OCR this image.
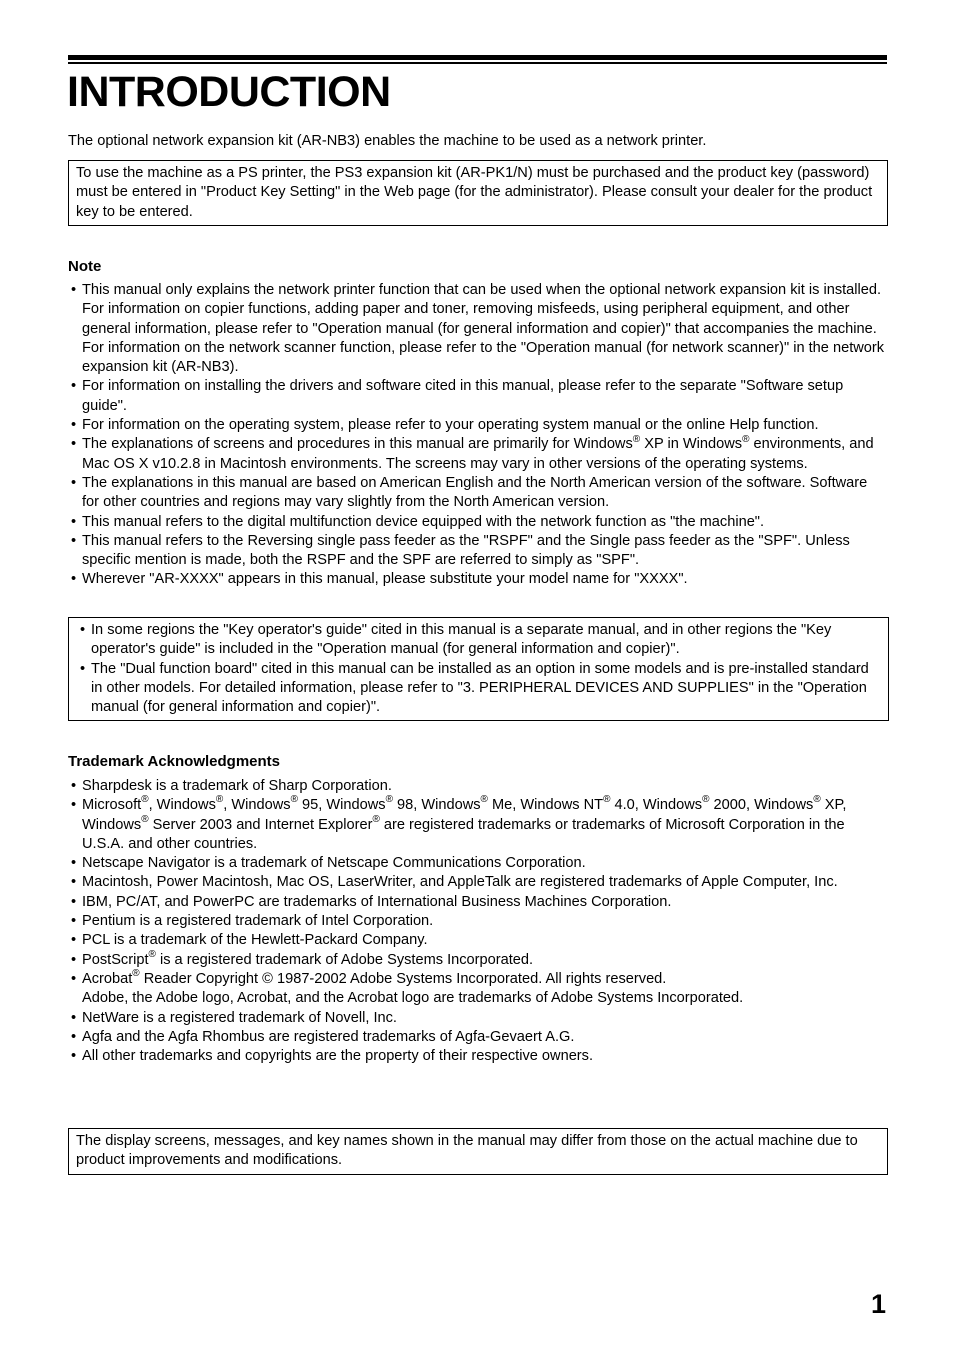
INTRODUCTION
The optional network expansion kit (AR-NB3) enables the machine to be used as a network printer.
To use the machine as a PS printer, the PS3 expansion kit (AR-PK1/N) must be purchased and the product key (password) must be entered in "Product Key Setting" in the Web page (for the administrator). Please consult your dealer for the product key to be entered.
Note
• This manual only explains the network printer function that can be used when the optional network expansion kit is installed. For information on copier functions, adding paper and toner, removing misfeeds, using peripheral equipment, and other general information, please refer to "Operation manual (for general information and copier)" that accompanies the machine. For information on the network scanner function, please refer to the "Operation manual (for network scanner)" in the network expansion kit (AR-NB3).
• For information on installing the drivers and software cited in this manual, please refer to the separate "Software setup guide".
• For information on the operating system, please refer to your operating system manual or the online Help function.
• The explanations of screens and procedures in this manual are primarily for Windows® XP in Windows® environments, and Mac OS X v10.2.8 in Macintosh environments. The screens may vary in other versions of the operating systems.
• The explanations in this manual are based on American English and the North American version of the software. Software for other countries and regions may vary slightly from the North American version.
• This manual refers to the digital multifunction device equipped with the network function as "the machine".
• This manual refers to the Reversing single pass feeder as the "RSPF" and the Single pass feeder as the "SPF". Unless specific mention is made, both the RSPF and the SPF are referred to simply as "SPF".
• Wherever "AR-XXXX" appears in this manual, please substitute your model name for "XXXX".
• In some regions the "Key operator's guide" cited in this manual is a separate manual, and in other regions the "Key operator's guide" is included in the "Operation manual (for general information and copier)".
• The "Dual function board" cited in this manual can be installed as an option in some models and is pre-installed standard in other models. For detailed information, please refer to "3. PERIPHERAL DEVICES AND SUPPLIES" in the "Operation manual (for general information and copier)".
Trademark Acknowledgments
• Sharpdesk is a trademark of Sharp Corporation.
• Microsoft®, Windows®, Windows® 95, Windows® 98, Windows® Me, Windows NT® 4.0, Windows® 2000, Windows® XP, Windows® Server 2003 and Internet Explorer® are registered trademarks or trademarks of Microsoft Corporation in the U.S.A. and other countries.
• Netscape Navigator is a trademark of Netscape Communications Corporation.
• Macintosh, Power Macintosh, Mac OS, LaserWriter, and AppleTalk are registered trademarks of Apple Computer, Inc.
• IBM, PC/AT, and PowerPC are trademarks of International Business Machines Corporation.
• Pentium is a registered trademark of Intel Corporation.
• PCL is a trademark of the Hewlett-Packard Company.
• PostScript® is a registered trademark of Adobe Systems Incorporated.
• Acrobat® Reader Copyright © 1987-2002 Adobe Systems Incorporated. All rights reserved.
Adobe, the Adobe logo, Acrobat, and the Acrobat logo are trademarks of Adobe Systems Incorporated.
• NetWare is a registered trademark of Novell, Inc.
• Agfa and the Agfa Rhombus are registered trademarks of Agfa-Gevaert A.G.
• All other trademarks and copyrights are the property of their respective owners.
The display screens, messages, and key names shown in the manual may differ from those on the actual machine due to product improvements and modifications.
1
